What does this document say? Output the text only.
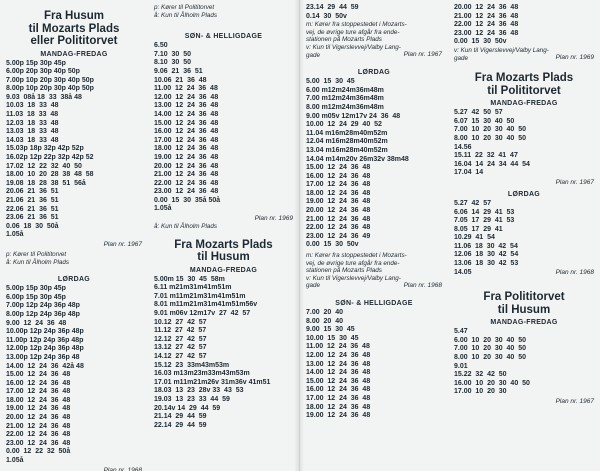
Fra Husum
til Mozarts Plads
eller Polititorvet
MANDAG-FREDAG
5.00p 15p 30p 45p
6.00p 20p 30p 40p 50p
7.00p 10p 20p 30p 40p 50p
8.00p 10p 20p 30p 40p 50p
9.03  08å 18  33  38å 48
10.03  18  33  48
11.03  18  33  48
12.03  18  33  48
13.03  18  33  48
14.03  18  33  48
15.03p 18p 32p 42p 52p
16.02p 12p 22p 32p 42p 52
17.02  12  22  32  40  50
18.00  10  20  28  38  48  58
19.08  18  28  38  51  56å
20.06  21  36  51
21.06  21  36  51
22.06  21  36  51
23.06  21  36  51
0.06  18  30  50å
1.05å
Plan nr. 1967
p: Kører til Polititorvet
å: Kun til Ålholm Plads
LØRDAG
5.00p 15p 30p 45p
6.00p 15p 30p 45p
7.00p 12p 24p 36p 48p
8.00p 12p 24p 36p 48p
9.00  12  24  36  48
10.00p 12p 24p 36p 48p
11.00p 12p 24p 36p 48p
12.00p 12p 24p 36p 48p
13.00p 12p 24p 36p 48
14.00  12  24  36  42å 48
15.00  12  24  36  48
16.00  12  24  36  48
17.00  12  24  36  48
18.00  12  24  36  48
19.00  12  24  36  48
20.00  12  24  36  48
21.00  12  24  36  48
22.00  12  24  36  48
23.00  12  24  36  48
0.00  12  22  32  50å
1.05å
Plan nr. 1968
p: Kører til Polititorvet
å: Kun til Ålholm Plads
SØN- & HELLIGDAGE
6.50
7.10  30  50
8.10  30  50
9.06  21  36  51
10.06  21  36  48
11.00  12  24  36  48
12.00  12  24  36  48
13.00  12  24  36  48
14.00  12  24  36  48
15.00  12  24  36  48
16.00  12  24  36  48
17.00  12  24  36  48
18.00  12  24  36  48
19.00  12  24  36  48
20.00  12  24  36  48
21.00  12  24  36  48
22.00  12  24  36  48
23.00  12  24  36  48
0.00  15  30  35å 50å
1.05å
Plan nr. 1969
å: Kun til Ålholm Plads
Fra Mozarts Plads
til Husum
MANDAG-FREDAG
5.00m 15  30  45  58m
6.11 m21m31m41m51m
7.01 m11m21m31m41m51m
8.01 m11m21m31m41m51m56v
9.01 m06v 12m17v  27  42  57
10.12  27  42  57
11.12  27  42  57
12.12  27  42  57
13.12  27  42  57
14.12  27  42  57
15.12  23  33m43m53m
16.03 m13m23m33m43m53m
17.01 m11m21m26v 31m36v 41m51
18.03  13  23  28v 33  43  53
19.03  13  23  33  44  59
20.14v 14  29  44  59
21.14  29  44  59
22.14  29  44  59
23.14  29  44  59
0.14  30  50v
m: Kører fra stoppestedet i Mozarts-
vej, de øvrige ture afgår fra ende-
stationen på Mozarts Plads
v: Kun til Vigerslevvej/Valby Lang-
gade	Plan nr. 1967
LØRDAG
5.00  15  30  45
6.00 m12m24m36m48m
7.00 m12m24m36m48m
8.00 m12m24m36m48m
9.00 m05v 12m17v 24  36  48
10.00  12  24  29  40  52
11.04 m16m28m40m52m
12.04 m16m28m40m52m
13.04 m16m28m40m52m
14.04 m14m20v 26m32v 38m48
15.00  12  24  36  48
16.00  12  24  36  48
17.00  12  24  36  48
18.00  12  24  36  48
19.00  12  24  36  48
20.00  12  24  36  48
21.00  12  24  36  48
22.00  12  24  36  48
23.00  12  24  36  49
0.00  15  30  50v
m: Kører fra stoppestedet i Mozarts-
vej, de øvrige ture afgår fra ende-
stationen på Mozarts Plads
v: Kun til Vigerslevvej/Valby Lang-
gade	Plan nr. 1968
SØN- & HELLIGDAGE
7.00  20  40
8.00  20  40
9.00  15  30  45
10.00  15  30  45
11.00  12  24  36  48
12.00  12  24  36  48
13.00  12  24  36  48
14.00  12  24  36  48
15.00  12  24  36  48
16.00  12  24  36  48
17.00  12  24  36  48
18.00  12  24  36  48
19.00  12  24  36  48
20.00  12  24  36  48
21.00  12  24  36  48
22.00  12  24  36  48
23.00  12  24  36  48
0.00  15  30  50v
v: Kun til Vigerslevvej/Valby Lang-
gade	Plan nr. 1969
Fra Mozarts Plads
til Polititorvet
MANDAG-FREDAG
5.27  42  50  57
6.07  15  30  40  50
7.00  10  20  30  40  50
8.00  10  20  30  40  50
14.56
15.11  22  32  41  47
16.04  14  24  34  44  54
17.04  14
Plan nr. 1967
LØRDAG
5.27  42  57
6.06  14  29  41  53
7.05  17  29  41  53
8.05  17  29  41
10.29  41  54
11.06  18  30  42  54
12.06  18  30  42  54
13.06  18  30  42  53
14.05	Plan nr. 1968
Fra Polititorvet
til Husum
MANDAG-FREDAG
5.47
6.00  10  20  30  40  50
7.00  10  20  30  40  50
8.00  10  20  30  40  50
9.01
15.22  32  42  50
16.00  10  20  30  40  50
17.00  10  20  30
Plan nr. 1967
